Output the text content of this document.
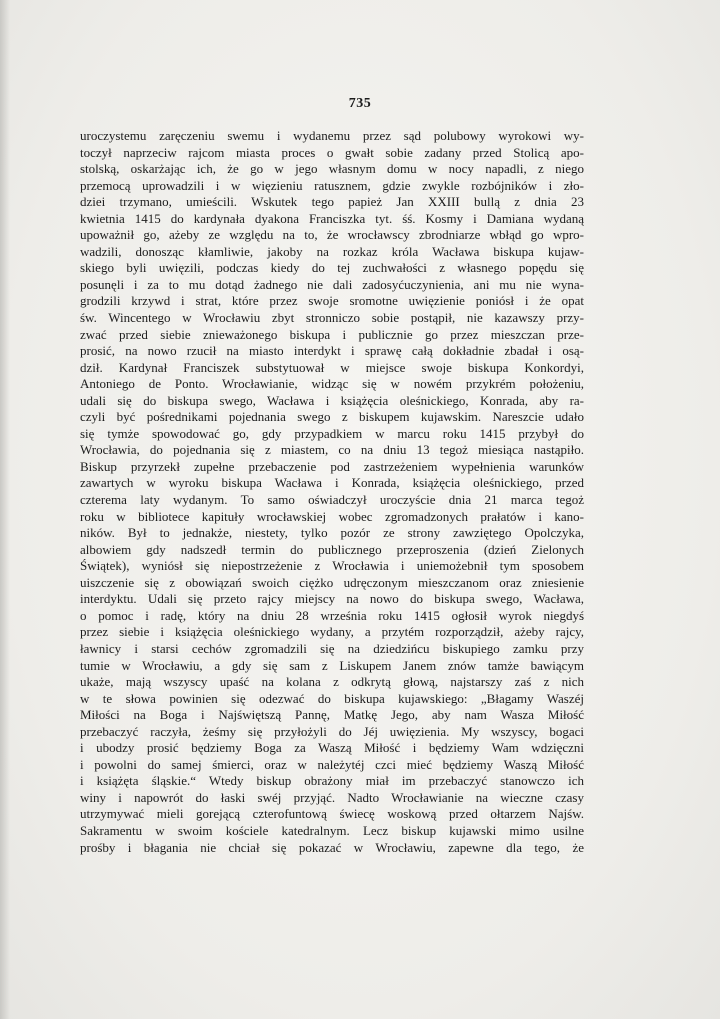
735
uroczystemu zaręczeniu swemu i wydanemu przez sąd polubowy wyrokowi wy-
toczył naprzeciw rajcom miasta proces o gwałt sobie zadany przed Stolicą apo-
stolską, oskarżając ich, że go w jego własnym domu w nocy napadli, z niego
przemocą uprowadzili i w więzieniu ratusznem, gdzie zwykle rozbójników i zło-
dziei trzymano, umieścili. Wskutek tego papież Jan XXIII bullą z dnia 23
kwietnia 1415 do kardynała dyakona Franciszka tyt. śś. Kosmy i Damiana wydaną
upoważnił go, ażeby ze względu na to, że wrocławscy zbrodniarze wbłąd go wpro-
wadzili, donosząc kłamliwie, jakoby na rozkaz króla Wacława biskupa kujaw-
skiego byli uwięzili, podczas kiedy do tej zuchwałości z własnego popędu się
posunęli i za to mu dotąd żadnego nie dali zadosyćuczynienia, ani mu nie wyna-
grodzili krzywd i strat, które przez swoje sromotne uwięzienie poniósł i że opat
św. Wincentego w Wrocławiu zbyt stronniczo sobie postąpił, nie kazawszy przy-
zwać przed siebie znieważonego biskupa i publicznie go przez mieszczan prze-
prosić, na nowo rzucił na miasto interdykt i sprawę całą dokładnie zbadał i osą-
dził. Kardynał Franciszek substytuował w miejsce swoje biskupa Konkordyi,
Antoniego de Ponto. Wrocławianie, widząc się w nowém przykrém położeniu,
udali się do biskupa swego, Wacława i książęcia oleśnickiego, Konrada, aby ra-
czyli być pośrednikami pojednania swego z biskupem kujawskim. Nareszcie udało
się tymże spowodować go, gdy przypadkiem w marcu roku 1415 przybył do
Wrocławia, do pojednania się z miastem, co na dniu 13 tegoż miesiąca nastąpiło.
Biskup przyrzekł zupełne przebaczenie pod zastrzeżeniem wypełnienia warunków
zawartych w wyroku biskupa Wacława i Konrada, książęcia oleśnickiego, przed
czterema laty wydanym. To samo oświadczył uroczyście dnia 21 marca tegoż
roku w bibliotece kapituły wrocławskiej wobec zgromadzonych prałatów i kano-
ników. Był to jednakże, niestety, tylko pozór ze strony zawziętego Opolczyka,
albowiem gdy nadszedł termin do publicznego przeproszenia (dzień Zielonych
Świątek), wyniósł się niepostrzeżenie z Wrocławia i uniemożebnił tym sposobem
uiszczenie się z obowiązań swoich ciężko udręczonym mieszczanom oraz zniesienie
interdyktu. Udali się przeto rajcy miejscy na nowo do biskupa swego, Wacława,
o pomoc i radę, który na dniu 28 września roku 1415 ogłosił wyrok niegdyś
przez siebie i książęcia oleśnickiego wydany, a przytém rozporządził, ażeby rajcy,
ławnicy i starsi cechów zgromadzili się na dziedzińcu biskupiego zamku przy
tumie w Wrocławiu, a gdy się sam z Liskupem Janem znów tamże bawiącym
ukaże, mają wszyscy upaść na kolana z odkrytą głową, najstarszy zaś z nich
w te słowa powinien się odezwać do biskupa kujawskiego: „Błagamy Waszéj
Miłości na Boga i Najświętszą Pannę, Matkę Jego, aby nam Wasza Miłość
przebaczyć raczyła, żeśmy się przyłożyli do Jéj uwięzienia. My wszyscy, bogaci
i ubodzy prosić będziemy Boga za Waszą Miłość i będziemy Wam wdzięczni
i powolni do samej śmierci, oraz w należytéj czci mieć będziemy Waszą Miłość
i książęta śląskie.“ Wtedy biskup obrażony miał im przebaczyć stanowczo ich
winy i napowrót do łaski swéj przyjąć. Nadto Wrocławianie na wieczne czasy
utrzymywać mieli gorejącą czterofuntową świecę woskową przed ołtarzem Najśw.
Sakramentu w swoim kościele katedralnym. Lecz biskup kujawski mimo usilne
prośby i błagania nie chciał się pokazać w Wrocławiu, zapewne dla tego, że
